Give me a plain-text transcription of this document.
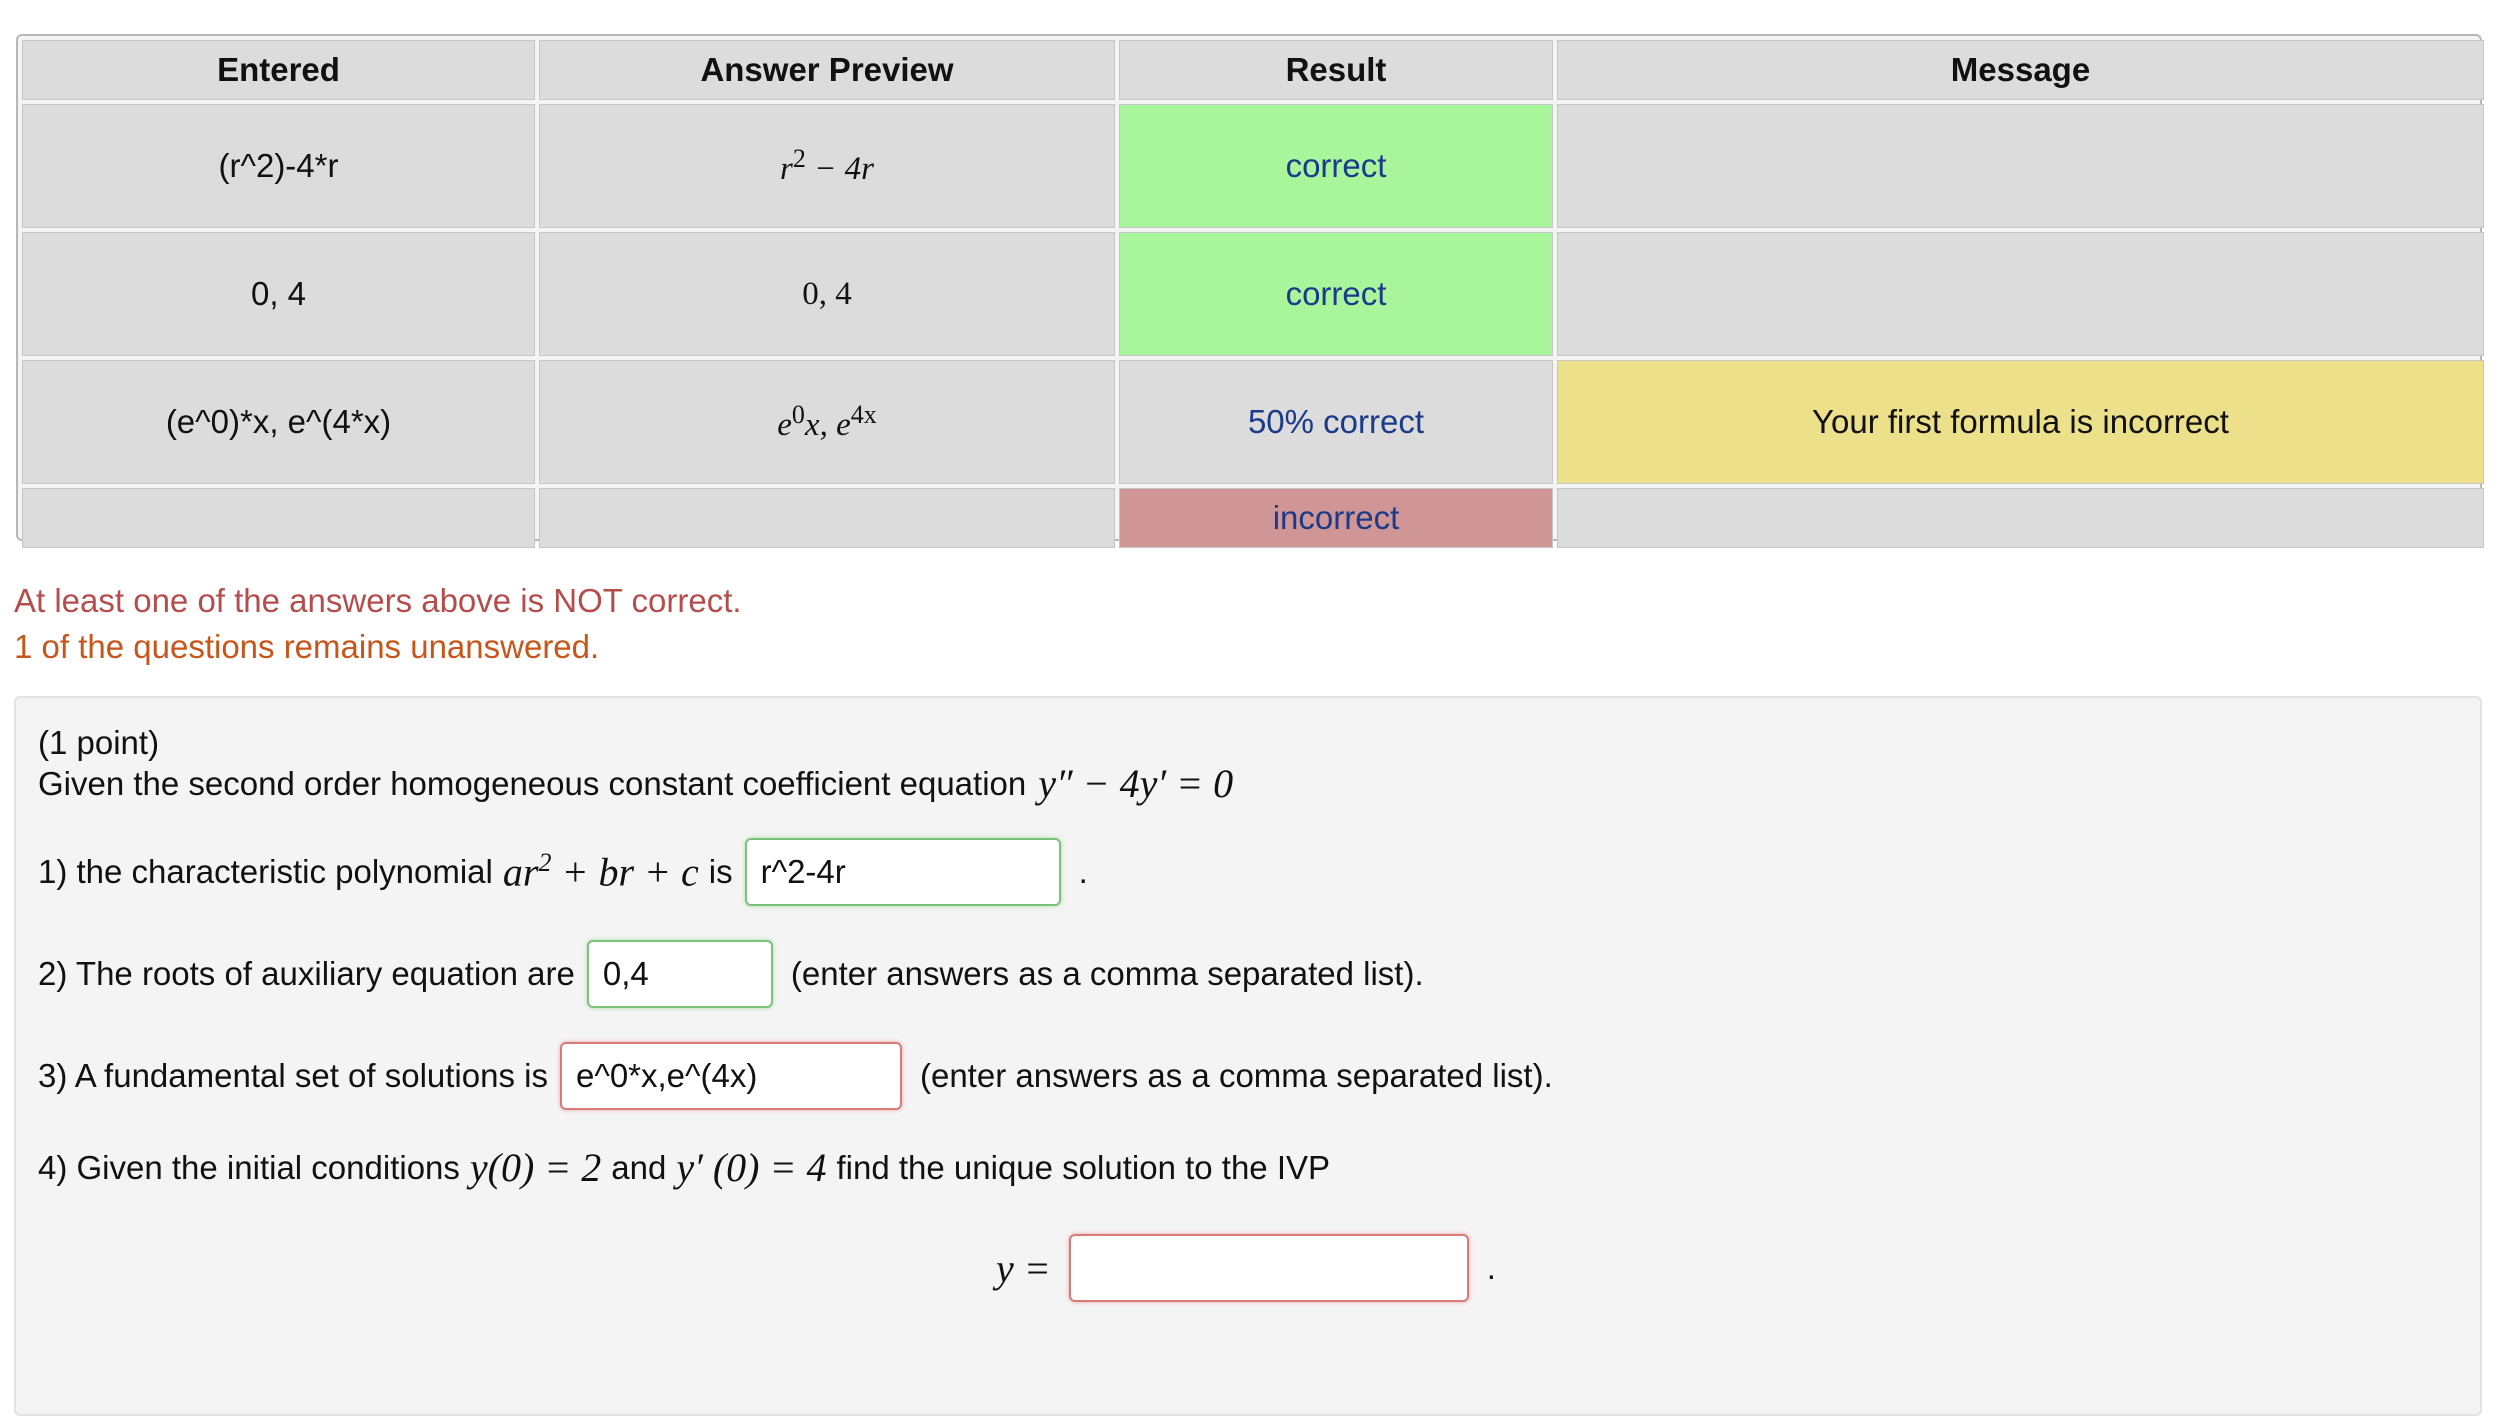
Entered	Answer Preview	Result	Message
(r^2)-4*r	$r^2 - 4r$	correct	
0, 4	0, 4	correct	
(e^0)*x, e^(4*x)	$e^0x$, $e^{4x}$	50% correct	Your first formula is incorrect
		incorrect	
At least one of the answers above is NOT correct.
1 of the questions remains unanswered.
(1 point)
Given the second order homogeneous constant coefficient equation y″ − 4y′ = 0
1) the characteristic polynomial $ar^2$ + br + c is r^2-4r	.
2) The roots of auxiliary equation are 0,4	(enter answers as a comma separated list).
3) A fundamental set of solutions is e^0*x,e^(4x)	(enter answers as a comma separated list).
4) Given the initial conditions y(0) = 2 and y′ (0) = 4 find the unique solution to the IVP
y =	.
